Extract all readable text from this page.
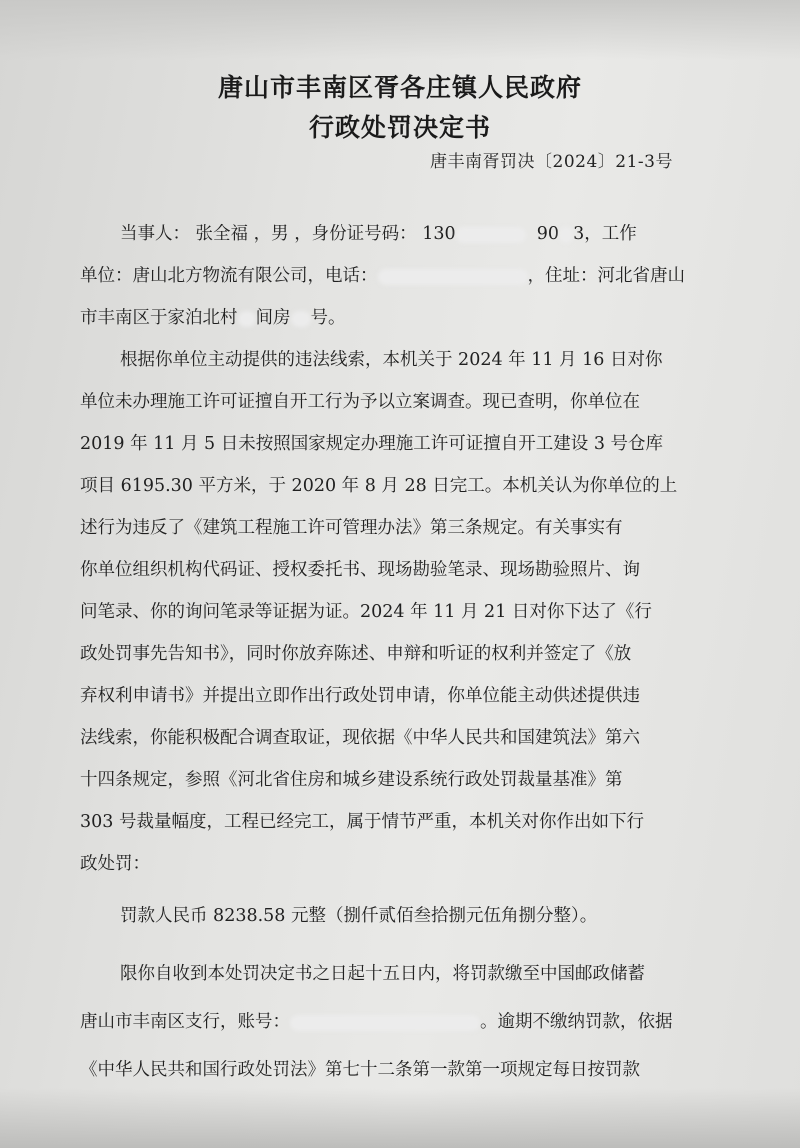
唐山市丰南区胥各庄镇人民政府
行政处罚决定书
唐丰南胥罚决〔2024〕21-3号
当事人： 张全福 ，男 ，身份证号码： 130	90 3，工作
单位：唐山北方物流有限公司，电话：	，住址：河北省唐山
市丰南区于家泊北村 间房 号。
根据你单位主动提供的违法线索，本机关于 2024 年 11 月 16 日对你
单位未办理施工许可证擅自开工行为予以立案调查。现已查明，你单位在
2019 年 11 月 5 日未按照国家规定办理施工许可证擅自开工建设 3 号仓库
项目 6195.30 平方米，于 2020 年 8 月 28 日完工。本机关认为你单位的上
述行为违反了《建筑工程施工许可管理办法》第三条规定。有关事实有
你单位组织机构代码证、授权委托书、现场勘验笔录、现场勘验照片、询
问笔录、你的询问笔录等证据为证。2024 年 11 月 21 日对你下达了《行
政处罚事先告知书》，同时你放弃陈述、申辩和听证的权利并签定了《放
弃权利申请书》并提出立即作出行政处罚申请，你单位能主动供述提供违
法线索，你能积极配合调查取证，现依据《中华人民共和国建筑法》第六
十四条规定，参照《河北省住房和城乡建设系统行政处罚裁量基准》第
303 号裁量幅度，工程已经完工，属于情节严重，本机关对你作出如下行
政处罚：
罚款人民币 8238.58 元整（捌仟贰佰叁拾捌元伍角捌分整）。
限你自收到本处罚决定书之日起十五日内，将罚款缴至中国邮政储蓄
唐山市丰南区支行，账号：	。逾期不缴纳罚款，依据
《中华人民共和国行政处罚法》第七十二条第一款第一项规定每日按罚款
